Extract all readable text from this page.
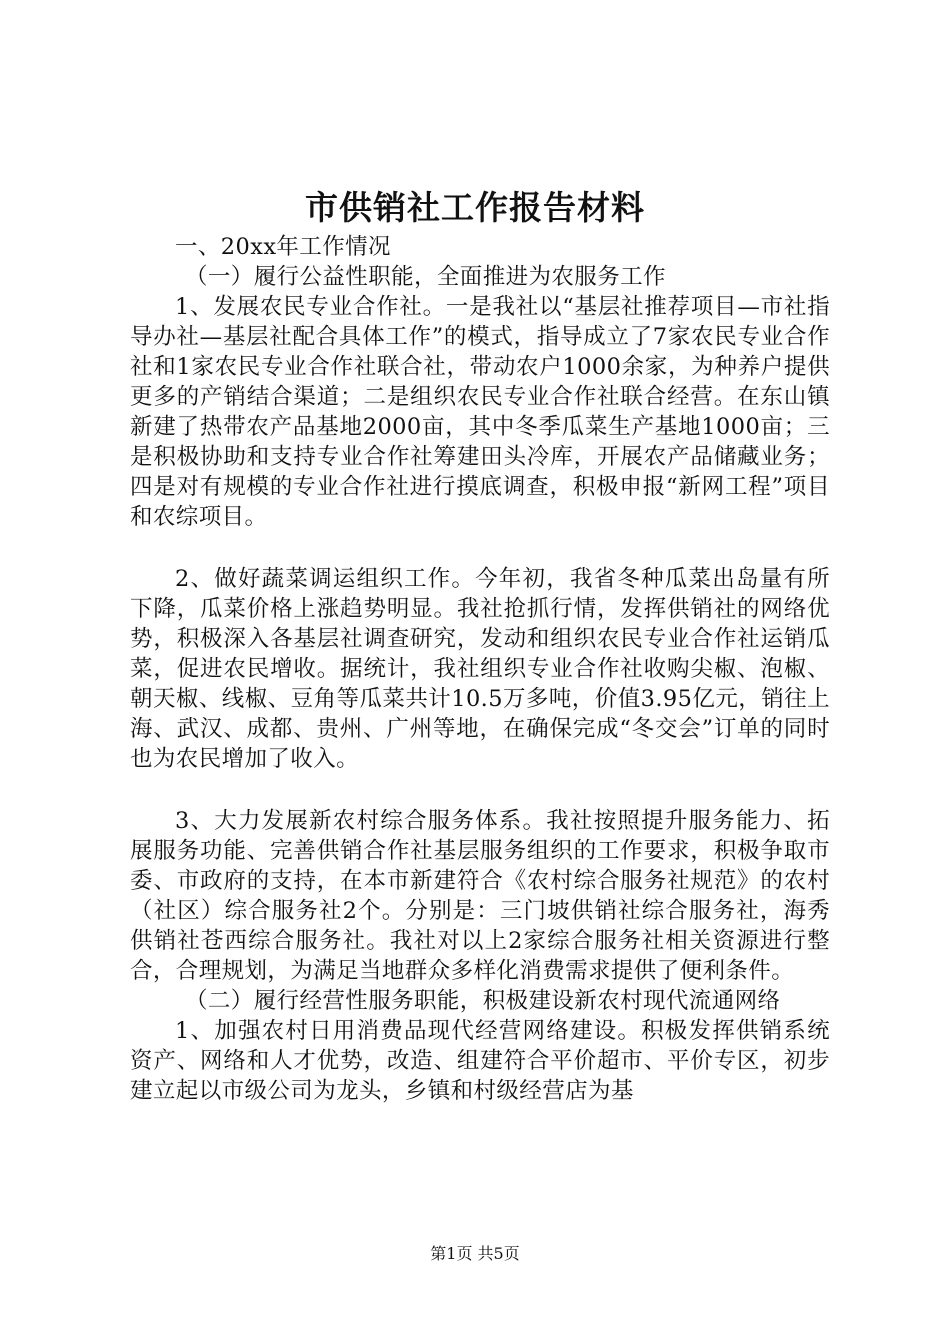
市供销社工作报告材料

一、20xx年工作情况

（一）履行公益性职能，全面推进为农服务工作

1、发展农民专业合作社。一是我社以“基层社推荐项目—市社指导办社—基层社配合具体工作”的模式，指导成立了7家农民专业合作社和1家农民专业合作社联合社，带动农户1000余家，为种养户提供更多的产销结合渠道；二是组织农民专业合作社联合经营。在东山镇新建了热带农产品基地2000亩，其中冬季瓜菜生产基地1000亩；三是积极协助和支持专业合作社筹建田头冷库，开展农产品储藏业务；四是对有规模的专业合作社进行摸底调查，积极申报“新网工程”项目和农综项目。

2、做好蔬菜调运组织工作。今年初，我省冬种瓜菜出岛量有所下降，瓜菜价格上涨趋势明显。我社抢抓行情，发挥供销社的网络优势，积极深入各基层社调查研究，发动和组织农民专业合作社运销瓜菜，促进农民增收。据统计，我社组织专业合作社收购尖椒、泡椒、朝天椒、线椒、豆角等瓜菜共计10.5万多吨，价值3.95亿元，销往上海、武汉、成都、贵州、广州等地，在确保完成“冬交会”订单的同时也为农民增加了收入。

3、大力发展新农村综合服务体系。我社按照提升服务能力、拓展服务功能、完善供销合作社基层服务组织的工作要求，积极争取市委、市政府的支持，在本市新建符合《农村综合服务社规范》的农村（社区）综合服务社2个。分别是：三门坡供销社综合服务社，海秀供销社苍西综合服务社。我社对以上2家综合服务社相关资源进行整合，合理规划，为满足当地群众多样化消费需求提供了便利条件。

（二）履行经营性服务职能，积极建设新农村现代流通网络

1、加强农村日用消费品现代经营网络建设。积极发挥供销系统资产、网络和人才优势，改造、组建符合平价超市、平价专区，初步建立起以市级公司为龙头，乡镇和村级经营店为基

第1页 共5页
